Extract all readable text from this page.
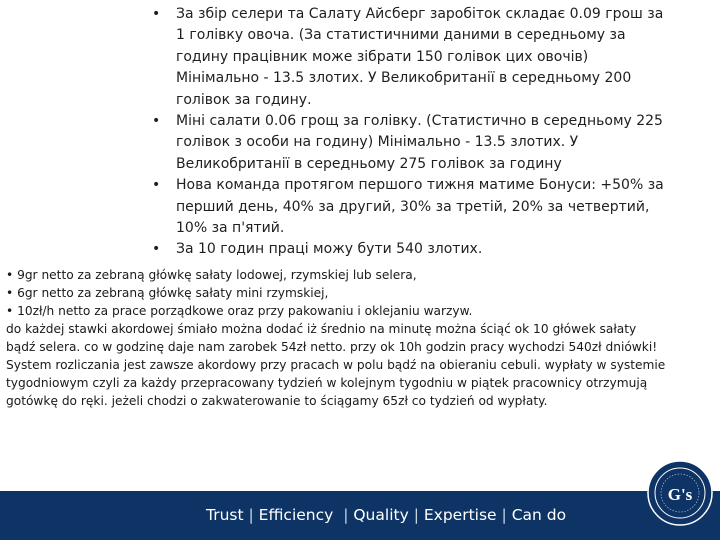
•	За збір селери та Салату Айсберг заробіток складає 0.09 грош за 1 голівку овоча. (За статистичними даними в середньому за годину працівник може зібрати 150 голівок цих овочів) Мінімально - 13.5 злотих. У Великобританії в середньому 200 голівок за годину.
•	Міні салати 0.06 грощ за голівку. (Статистично в середньому 225 голівок з особи на годину) Мінімально - 13.5 злотих. У Великобританії в середньому 275 голівок за годину
•	Нова команда протягом першого тижня матиме Бонуси: +50% за перший день, 40% за другий, 30% за третій, 20% за четвертий, 10% за п'ятий.
•	За 10 годин праці можу бути 540 злотих.
• 9gr netto za zebraną główkę sałaty lodowej, rzymskiej lub selera,
• 6gr netto za zebraną główkę sałaty mini rzymskiej,
• 10zł/h netto za prace porządkowe oraz przy pakowaniu i oklejaniu warzyw.
do każdej stawki akordowej śmiało można dodać iż średnio na minutę można ściąć ok 10 główek sałaty
bądź selera. co w godzinę daje nam zarobek 54zł netto. przy ok 10h godzin pracy wychodzi 540zł dniówki!
System rozliczania jest zawsze akordowy przy pracach w polu bądź na obieraniu cebuli. wypłaty w systemie
tygodniowym czyli za każdy przepracowany tydzień w kolejnym tygodniu w piątek pracownicy otrzymują
gotówkę do ręki. jeżeli chodzi o zakwaterowanie to ściągamy 65zł co tydzień od wypłaty.
Trust | Efficiency | Quality | Expertise | Can do
G's
